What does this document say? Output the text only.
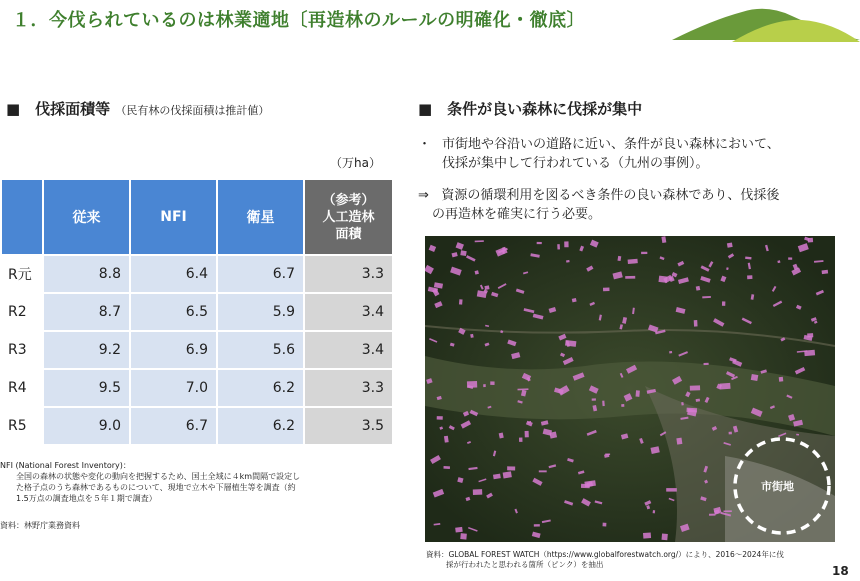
１．今伐られているのは林業適地〔再造林のルールの明確化・徹底〕
■　伐採面積等 （民有林の伐採面積は推計値）
（万ha）
	従来	NFI	衛星	（参考）
人工造林
面積

R元	8.8	6.4	6.7	3.3
R2	8.7	6.5	5.9	3.4
R3	9.2	6.9	5.6	3.4
R4	9.5	7.0	6.2	3.3
R5	9.0	6.7	6.2	3.5
NFI (National Forest Inventory)：
全国の森林の状態や変化の動向を把握するため、国土全域に４km間隔で設定し
た格子点のうち森林であるものについて、現地で立木や下層植生等を調査（約
1.5万点の調査地点を５年１期で調査）
資料：林野庁業務資料
■　条件が良い森林に伐採が集中
・ 市街地や谷沿いの道路に近い、条件が良い森林において、
伐採が集中して行われている（九州の事例）。
⇒ 資源の循環利用を図るべき条件の良い森林であり、伐採後
の再造林を確実に行う必要。
市街地
資料：GLOBAL FOREST WATCH（https://www.globalforestwatch.org/）により、2016〜2024年に伐
採が行われたと思われる箇所（ピンク）を抽出	18
